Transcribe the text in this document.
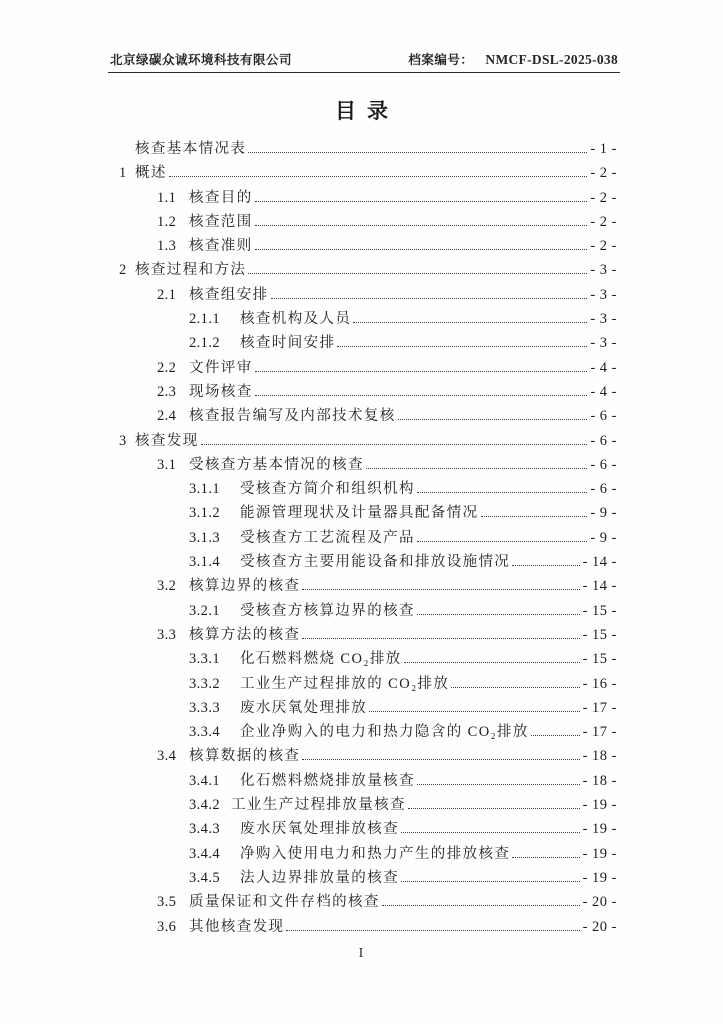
北京绿碳众诚环境科技有限公司	档案编号： NMCF-DSL-2025-038
目录
核查基本情况表	- 1 -
1 概述	- 2 -
1.1 核查目的	- 2 -
1.2 核查范围	- 2 -
1.3 核查准则	- 2 -
2 核查过程和方法	- 3 -
2.1 核查组安排	- 3 -
2.1.1	核查机构及人员	- 3 -
2.1.2	核查时间安排	- 3 -
2.2 文件评审	- 4 -
2.3 现场核查	- 4 -
2.4 核查报告编写及内部技术复核	- 6 -
3 核查发现	- 6 -
3.1 受核查方基本情况的核查	- 6 -
3.1.1	受核查方简介和组织机构	- 6 -
3.1.2	能源管理现状及计量器具配备情况	- 9 -
3.1.3	受核查方工艺流程及产品	- 9 -
3.1.4	受核查方主要用能设备和排放设施情况	- 14 -
3.2 核算边界的核查	- 14 -
3.2.1	受核查方核算边界的核查	- 15 -
3.3 核算方法的核查	- 15 -
3.3.1	化石燃料燃烧 CO₂排放	- 15 -
3.3.2	工业生产过程排放的 CO₂排放	- 16 -
3.3.3	废水厌氧处理排放	- 17 -
3.3.4	企业净购入的电力和热力隐含的 CO₂排放	- 17 -
3.4 核算数据的核查	- 18 -
3.4.1	化石燃料燃烧排放量核查	- 18 -
3.4.2 工业生产过程排放量核查	- 19 -
3.4.3	废水厌氧处理排放核查	- 19 -
3.4.4	净购入使用电力和热力产生的排放核查	- 19 -
3.4.5	法人边界排放量的核查	- 19 -
3.5 质量保证和文件存档的核查	- 20 -
3.6 其他核查发现	- 20 -
I
